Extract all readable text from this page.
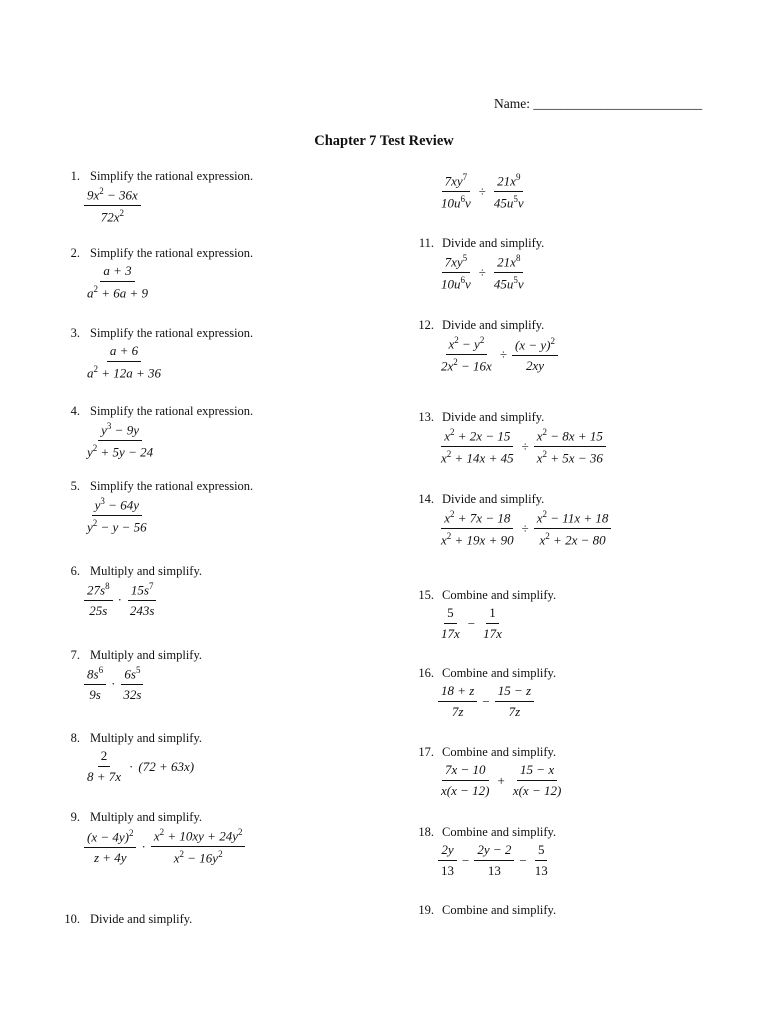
Name: _________________________
Chapter 7 Test Review
1. Simplify the rational expression.
$\frac{9x^2 - 36x}{72x^2}$
2. Simplify the rational expression.
$\frac{a + 3}{a^2 + 6a + 9}$
3. Simplify the rational expression.
$\frac{a + 6}{a^2 + 12a + 36}$
4. Simplify the rational expression.
$\frac{y^3 - 9y}{y^2 + 5y - 24}$
5. Simplify the rational expression.
$\frac{y^3 - 64y}{y^2 - y - 56}$
6. Multiply and simplify.
$\frac{27s^8}{25s} \cdot \frac{15s^7}{243s}$
7. Multiply and simplify.
$\frac{8s^6}{9s} \cdot \frac{6s^5}{32s}$
8. Multiply and simplify.
$\frac{2}{8 + 7x} \cdot (72 + 63x)$
9. Multiply and simplify.
$\frac{(x - 4y)^2}{z + 4y} \cdot \frac{x^2 + 10xy + 24y^2}{x^2 - 16y^2}$
10. Divide and simplify.
$\frac{7xy^7}{10u^6v} \div \frac{21x^9}{45u^5v}$
11. Divide and simplify.
$\frac{7xy^5}{10u^6v} \div \frac{21x^8}{45u^5v}$
12. Divide and simplify.
$\frac{x^2 - y^2}{2x^2 - 16x} \div \frac{(x - y)^2}{2xy}$
13. Divide and simplify.
$\frac{x^2 + 2x - 15}{x^2 + 14x + 45} \div \frac{x^2 - 8x + 15}{x^2 + 5x - 36}$
14. Divide and simplify.
$\frac{x^2 + 7x - 18}{x^2 + 19x + 90} \div \frac{x^2 - 11x + 18}{x^2 + 2x - 80}$
15. Combine and simplify.
$\frac{5}{17x} - \frac{1}{17x}$
16. Combine and simplify.
$\frac{18 + z}{7z} - \frac{15 - z}{7z}$
17. Combine and simplify.
$\frac{7x - 10}{x(x - 12)} + \frac{15 - x}{x(x - 12)}$
18. Combine and simplify.
$\frac{2y}{13} - \frac{2y - 2}{13} - \frac{5}{13}$
19. Combine and simplify.
